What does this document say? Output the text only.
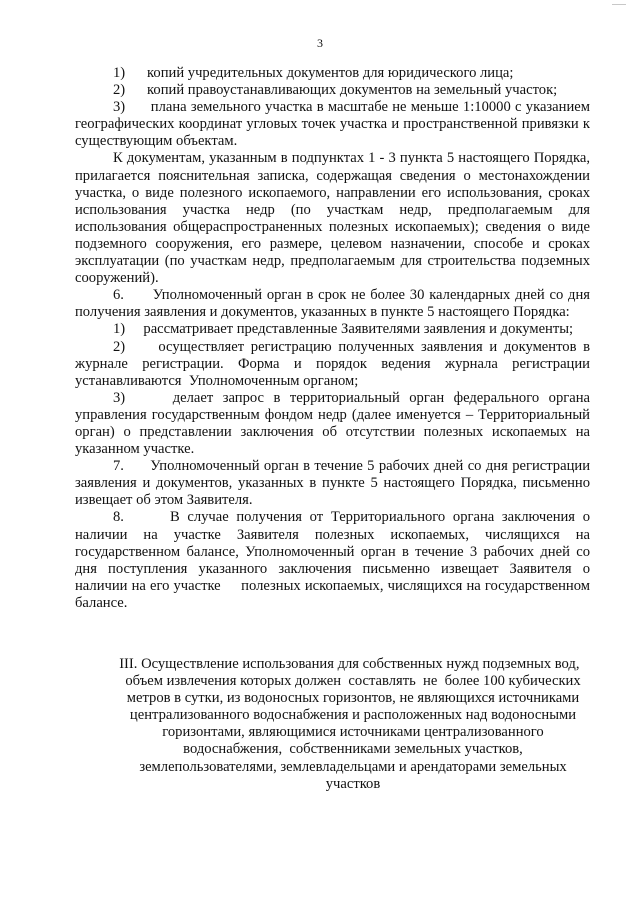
3

1)      копий учредительных документов для юридического лица;

2)      копий правоустанавливающих документов на земельный участок;

3)      плана земельного участка в масштабе не меньше 1:10000 с указанием географических координат угловых точек участка и пространственной привязки к существующим объектам.

К документам, указанным в подпунктах 1 - 3 пункта 5 настоящего Порядка, прилагается пояснительная записка, содержащая сведения о местонахождении участка, о виде полезного ископаемого, направлении его использования, сроках использования участка недр (по участкам недр, предполагаемым для использования общераспространенных полезных ископаемых); сведения о виде подземного сооружения, его размере, целевом назначении, способе и сроках эксплуатации (по участкам недр, предполагаемым для строительства подземных сооружений).

6.      Уполномоченный орган в срок не более 30 календарных дней со дня получения заявления и документов, указанных в пункте 5 настоящего Порядка:

1)     рассматривает представленные Заявителями заявления и документы;

2)     осуществляет регистрацию полученных заявления и документов в журнале регистрации. Форма и порядок ведения журнала регистрации устанавливаются  Уполномоченным органом;

3)     делает запрос в территориальный орган федерального органа управления государственным фондом недр (далее именуется – Территориальный орган) о представлении заключения об отсутствии полезных ископаемых на указанном участке.

7.      Уполномоченный орган в течение 5 рабочих дней со дня регистрации заявления и документов, указанных в пункте 5 настоящего Порядка, письменно извещает об этом Заявителя.

8.      В случае получения от Территориального органа заключения о наличии на участке Заявителя полезных ископаемых, числящихся на государственном балансе, Уполномоченный орган в течение 3 рабочих дней со дня поступления указанного заключения письменно извещает Заявителя о наличии на его участке     полезных ископаемых, числящихся на государственном балансе.

III. Осуществление использования для собственных нужд подземных вод,   объем извлечения которых должен  составлять  не  более 100 кубических метров в сутки, из водоносных горизонтов, не являющихся источниками централизованного водоснабжения и расположенных над водоносными горизонтами, являющимися источниками централизованного водоснабжения,  собственниками земельных участков, землепользователями, землевладельцами и арендаторами земельных участков
